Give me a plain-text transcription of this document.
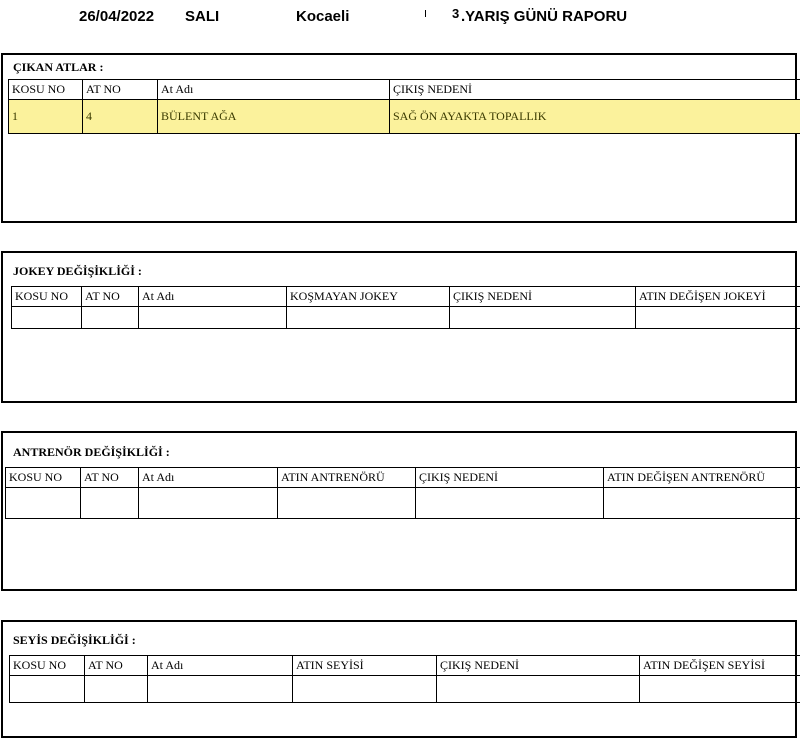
26/04/2022 SALI	Kocaeli	3 .YARIŞ GÜNÜ RAPORU
ÇIKAN ATLAR :
KOSU NO	AT NO	At Adı	ÇIKIŞ NEDENİ
1	4	BÜLENT AĞA	SAĞ ÖN AYAKTA TOPALLIK
JOKEY DEĞİŞİKLİĞİ :
KOSU NO	AT NO	At Adı	KOŞMAYAN JOKEY	ÇIKIŞ NEDENİ	ATIN DEĞİŞEN JOKEYİ

ANTRENÖR DEĞİŞİKLİĞİ :
KOSU NO	AT NO	At Adı	ATIN ANTRENÖRÜ	ÇIKIŞ NEDENİ	ATIN DEĞİŞEN ANTRENÖRÜ

SEYİS DEĞİŞİKLİĞİ :
KOSU NO	AT NO	At Adı	ATIN SEYİSİ	ÇIKIŞ NEDENİ	ATIN DEĞİŞEN SEYİSİ
